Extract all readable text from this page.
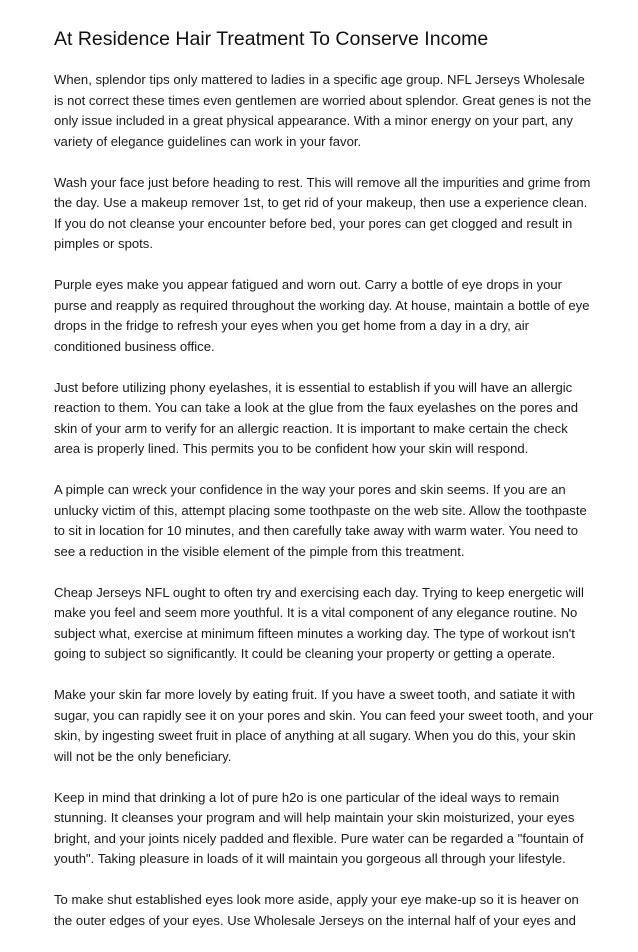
At Residence Hair Treatment To Conserve Income

When, splendor tips only mattered to ladies in a specific age group. NFL Jerseys Wholesale is not correct these times even gentlemen are worried about splendor. Great genes is not the only issue included in a great physical appearance. With a minor energy on your part, any variety of elegance guidelines can work in your favor.

Wash your face just before heading to rest. This will remove all the impurities and grime from the day. Use a makeup remover 1st, to get rid of your makeup, then use a experience clean. If you do not cleanse your encounter before bed, your pores can get clogged and result in pimples or spots.

Purple eyes make you appear fatigued and worn out. Carry a bottle of eye drops in your purse and reapply as required throughout the working day. At house, maintain a bottle of eye drops in the fridge to refresh your eyes when you get home from a day in a dry, air conditioned business office.

Just before utilizing phony eyelashes, it is essential to establish if you will have an allergic reaction to them. You can take a look at the glue from the faux eyelashes on the pores and skin of your arm to verify for an allergic reaction. It is important to make certain the check area is properly lined. This permits you to be confident how your skin will respond.

A pimple can wreck your confidence in the way your pores and skin seems. If you are an unlucky victim of this, attempt placing some toothpaste on the web site. Allow the toothpaste to sit in location for 10 minutes, and then carefully take away with warm water. You need to see a reduction in the visible element of the pimple from this treatment.

Cheap Jerseys NFL ought to often try and exercising each day. Trying to keep energetic will make you feel and seem more youthful. It is a vital component of any elegance routine. No subject what, exercise at minimum fifteen minutes a working day. The type of workout isn't going to subject so significantly. It could be cleaning your property or getting a operate.

Make your skin far more lovely by eating fruit. If you have a sweet tooth, and satiate it with sugar, you can rapidly see it on your pores and skin. You can feed your sweet tooth, and your skin, by ingesting sweet fruit in place of anything at all sugary. When you do this, your skin will not be the only beneficiary.

Keep in mind that drinking a lot of pure h2o is one particular of the ideal ways to remain stunning. It cleanses your program and will help maintain your skin moisturized, your eyes bright, and your joints nicely padded and flexible. Pure water can be regarded a "fountain of youth". Taking pleasure in loads of it will maintain you gorgeous all through your lifestyle.

To make shut established eyes look more aside, apply your eye make-up so it is heaver on the outer edges of your eyes. Use Wholesale Jerseys on the internal half of your eyes and
